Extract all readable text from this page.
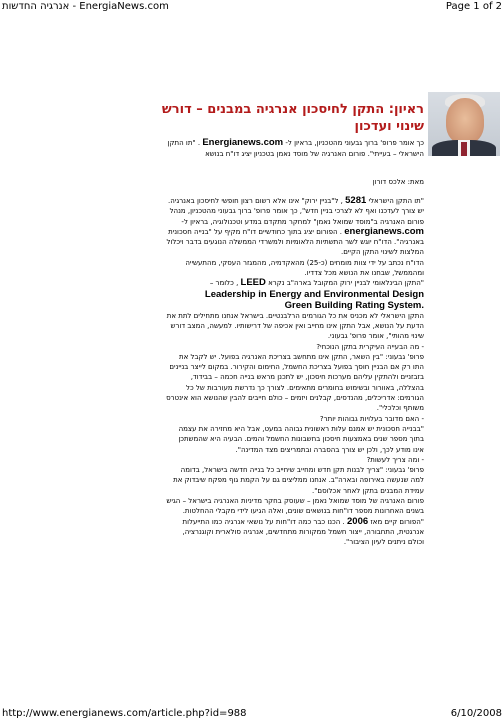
אנרגיה החדשות - EnergiaNews.com	Page 1 of 2
ראיון: התקן לחיסכון אנרגיה במבנים – דורש שינוי ועדכון
כך אומר פרופ' ברוך גבעוני מהטכניון, בראיון ל- Energianews.com . "תו התקן הישראלי – בעייתי". פורום האנרגיה של מוסד נאמן בטכניון יציג דו"ח בנושא
מאת: אלכס דורון

"תו התקן הישראלי 5281 , ל"בניין ירוק" אינו אלא רשום רצון חופשי לחיסכון באנרגיה. יש צורך לעדכנו ואף לא לצרכי בניין חדש", כך אומר פרופ' ברוך גבעוני מהטכניון, מנהל פורום האנרגיה ב"מוסד שמואל נאמן" למחקר מתקדם במדע וטכנולוגיה, בראיון ל- energianews.com . הפורום יציג בתוך כחודשיים דו"ח מקיף על "בנייה חסכונית באנרגיה". הדו"ח יוגש לשר התשתיות הלאומיות ולמשרדי הממשלה הנוגעים בדבר ויכלול המלצות לשינוי התקן הקיים.

הדו"ח נכתב על ידי צוות מומחים (כ-25) מהאקדמיה, מהמגזר העסקי, מהתעשייה ומהממשל, שבחנו את הנושא מכל צדדיו.

"התקן הבינלאומי לבניין ירוק המקובל בארה"ב נקרא LEED , כלומר –

Leadership in Energy and Environmental Design
Green Building Rating System.

התקן הישראלי לא מכניס את כל הגורמים הרלבנטיים. בישראל אנחנו מתחילים לתת את הדעת על הנושא, אבל התקן אינו מחייב ואין אכיפה של דרישותיו. למעשה, המצב דורש שינוי מהותי", אומר פרופ' גבעוני.

- מה הבעייה העיקרית בתקן הנוכחי?

פרופ' גבעוני: "בין השאר, התקן אינו מתחשב בצריכת האנרגיה בפועל. יש לקבל את התו רק אם הבניין חוסך בפועל בצריכת החשמל, החימום והקירור. במקום לייצר בניינים בזבזניים ולהתקין עליהם מערכות חיסכון, יש לתכנן מראש בנייה חכמה – בבידוד, בהצללה, באוורור ובשימוש בחומרים מתאימים. לצורך כך נדרשת מעורבות של כל הגורמים: אדריכלים, מהנדסים, קבלנים ויזמים – כולם חייבים להבין שהנושא הוא אינטרס משותף וכלכלי".

- האם מדובר בעלויות גבוהות יותר?

"בבנייה חסכונית יש אמנם עלות ראשונית גבוהה במעט, אבל היא מחזירה את עצמה בתוך מספר שנים באמצעות חיסכון בחשבונות החשמל והמים. הבעיה היא שהמשתכן אינו מודע לכך, ולכן יש צורך בהסברה ובתמריצים מצד המדינה".

- ומה צריך לעשות?

פרופ' גבעוני: "צריך לבנות תקן חדש ומחייב שיחייב כל בנייה חדשה בישראל, בדומה למה שנעשה באירופה ובארה"ב. אנחנו ממליצים גם על הקמת גוף מפקח שיבדוק את עמידת המבנים בתקן לאחר אכלוסם".

פורום האנרגיה של מוסד שמואל נאמן – שעוסק בחקר מדיניות האנרגיה בישראל – הגיש בשנים האחרונות מספר דו"חות בנושאים שונים, ואלה הגיעו לידי מקבלי ההחלטות.

"הפורום קיים מאז 2006 . הכנו כבר כמה דו"חות על נושאי אנרגיה כמו התייעלות אנרגטית, התחבורה, ייצור חשמל ממקורות מתחדשים, אנרגיה סולארית וקוגנרציה, וכולם ניתנים לעיון הציבור".

http://www.energianews.com/article.php?id=988	6/10/2008
